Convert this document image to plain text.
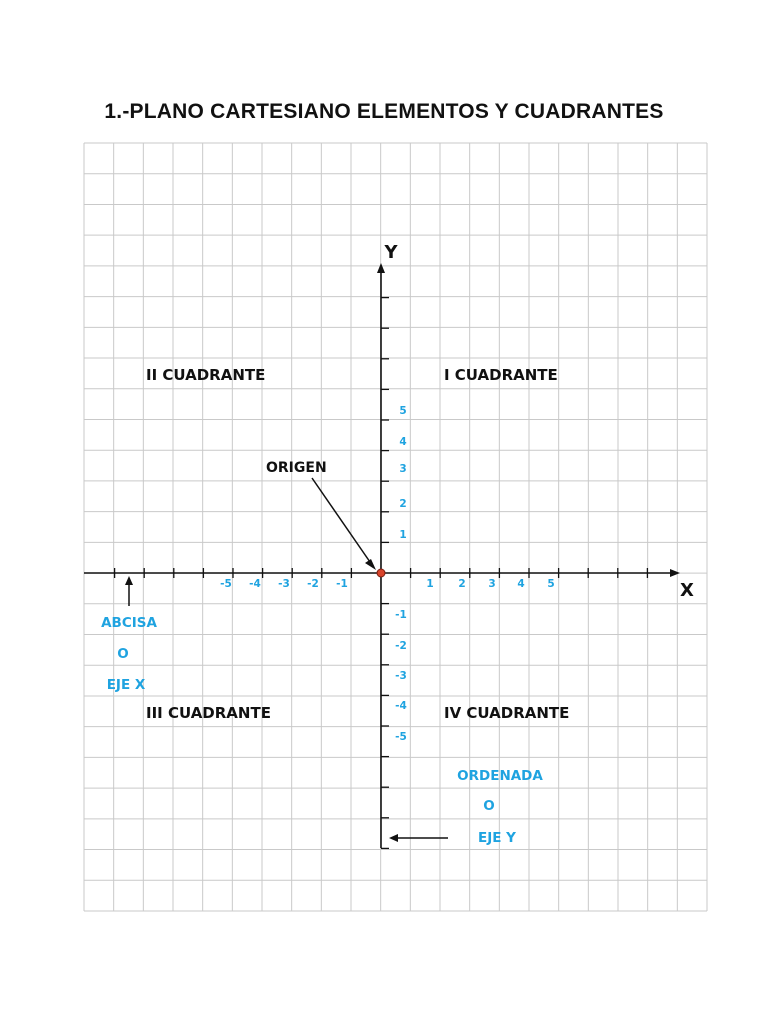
1.-PLANO CARTESIANO ELEMENTOS Y CUADRANTES
Y
X
II CUADRANTE	I CUADRANTE
III CUADRANTE	IV CUADRANTE
ORIGEN
ABCISA
O
EJE X
ORDENADA
O
EJE Y
-5 -4 -3 -2 -1	1 2 3 4 5
1
2
3
4
5
-1
-2
-3
-4
-5
